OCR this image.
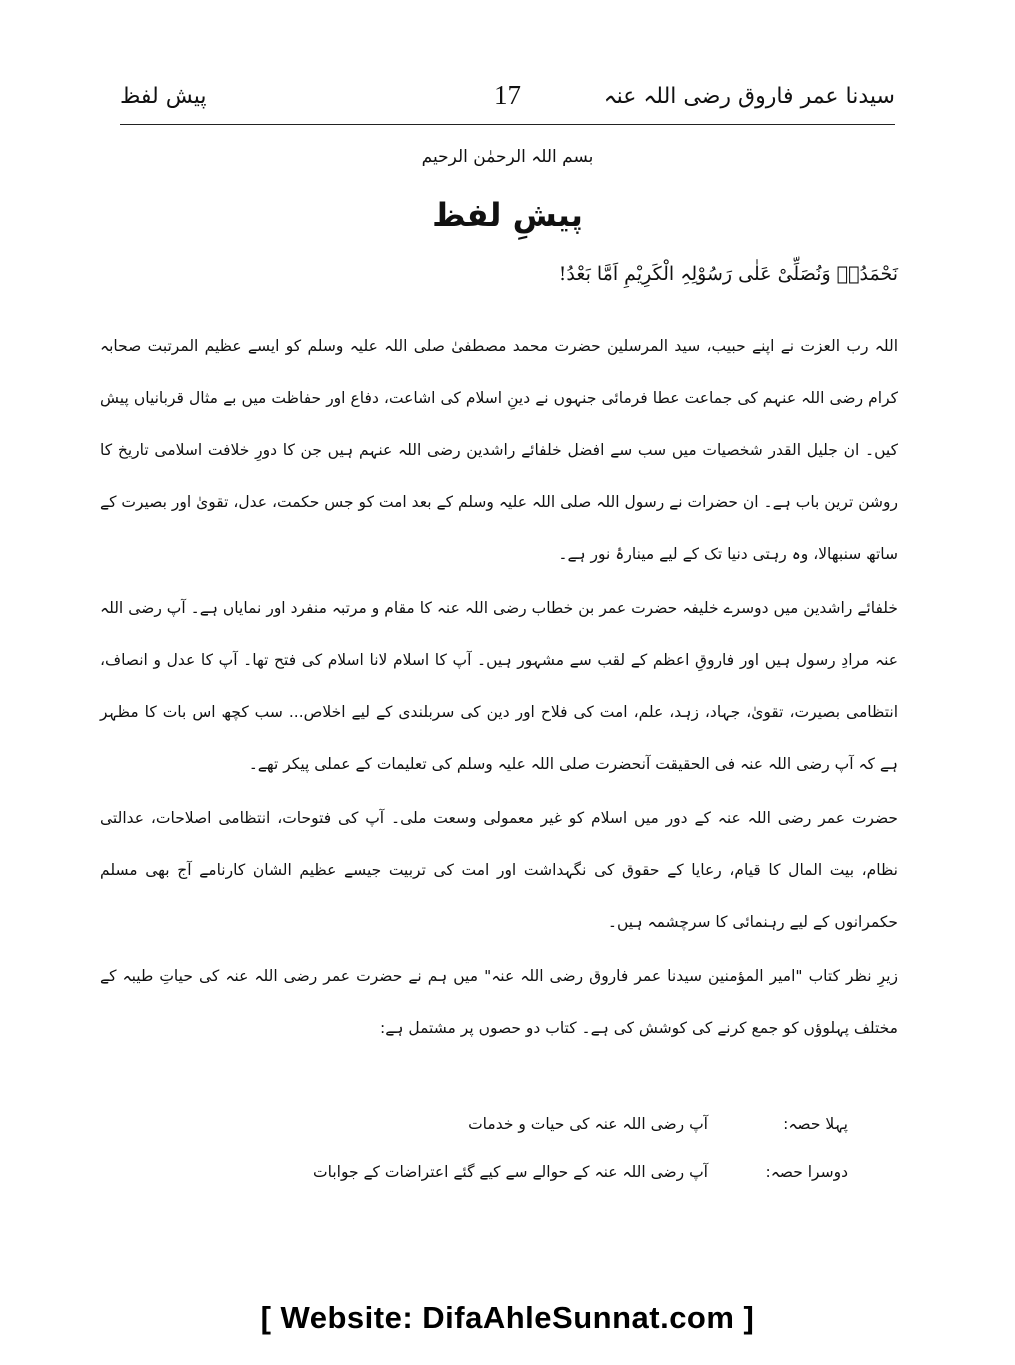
پیش لفظ	17	سیدنا عمر فاروق رضی اللہ عنہ
بسم اللہ الرحمٰن الرحیم
پیشِ لفظ
نَحْمَدُہٗ وَنُصَلِّیْ عَلٰی رَسُوْلِہِ الْکَرِیْمِ اَمَّا بَعْدُ!

اللہ رب العزت نے اپنے حبیب، سید المرسلین حضرت محمد مصطفیٰ صلی اللہ علیہ وسلم کو ایسے عظیم المرتبت صحابہ کرام رضی اللہ عنہم کی جماعت عطا فرمائی جنہوں نے دینِ اسلام کی اشاعت، دفاع اور حفاظت میں بے مثال قربانیاں پیش کیں۔ ان جلیل القدر شخصیات میں سب سے افضل خلفائے راشدین رضی اللہ عنہم ہیں جن کا دورِ خلافت اسلامی تاریخ کا روشن ترین باب ہے۔ ان حضرات نے رسول اللہ صلی اللہ علیہ وسلم کے بعد امت کو جس حکمت، عدل، تقویٰ اور بصیرت کے ساتھ سنبھالا، وہ رہتی دنیا تک کے لیے مینارۂ نور ہے۔

خلفائے راشدین میں دوسرے خلیفہ حضرت عمر بن خطاب رضی اللہ عنہ کا مقام و مرتبہ منفرد اور نمایاں ہے۔ آپ رضی اللہ عنہ مرادِ رسول ہیں اور فاروقِ اعظم کے لقب سے مشہور ہیں۔ آپ کا اسلام لانا اسلام کی فتح تھا۔ آپ کا عدل و انصاف، انتظامی بصیرت، تقویٰ، جہاد، زہد، علم، امت کی فلاح اور دین کی سربلندی کے لیے اخلاص... سب کچھ اس بات کا مظہر ہے کہ آپ رضی اللہ عنہ فی الحقیقت آنحضرت صلی اللہ علیہ وسلم کی تعلیمات کے عملی پیکر تھے۔

حضرت عمر رضی اللہ عنہ کے دور میں اسلام کو غیر معمولی وسعت ملی۔ آپ کی فتوحات، انتظامی اصلاحات، عدالتی نظام، بیت المال کا قیام، رعایا کے حقوق کی نگہداشت اور امت کی تربیت جیسے عظیم الشان کارنامے آج بھی مسلم حکمرانوں کے لیے رہنمائی کا سرچشمہ ہیں۔

زیرِ نظر کتاب "امیر المؤمنین سیدنا عمر فاروق رضی اللہ عنہ" میں ہم نے حضرت عمر رضی اللہ عنہ کی حیاتِ طیبہ کے مختلف پہلوؤں کو جمع کرنے کی کوشش کی ہے۔ کتاب دو حصوں پر مشتمل ہے:

پہلا حصہ:
آپ رضی اللہ عنہ کی حیات و خدمات
دوسرا حصہ:
آپ رضی اللہ عنہ کے حوالے سے کیے گئے اعتراضات کے جوابات
[ Website: DifaAhleSunnat.com ]
